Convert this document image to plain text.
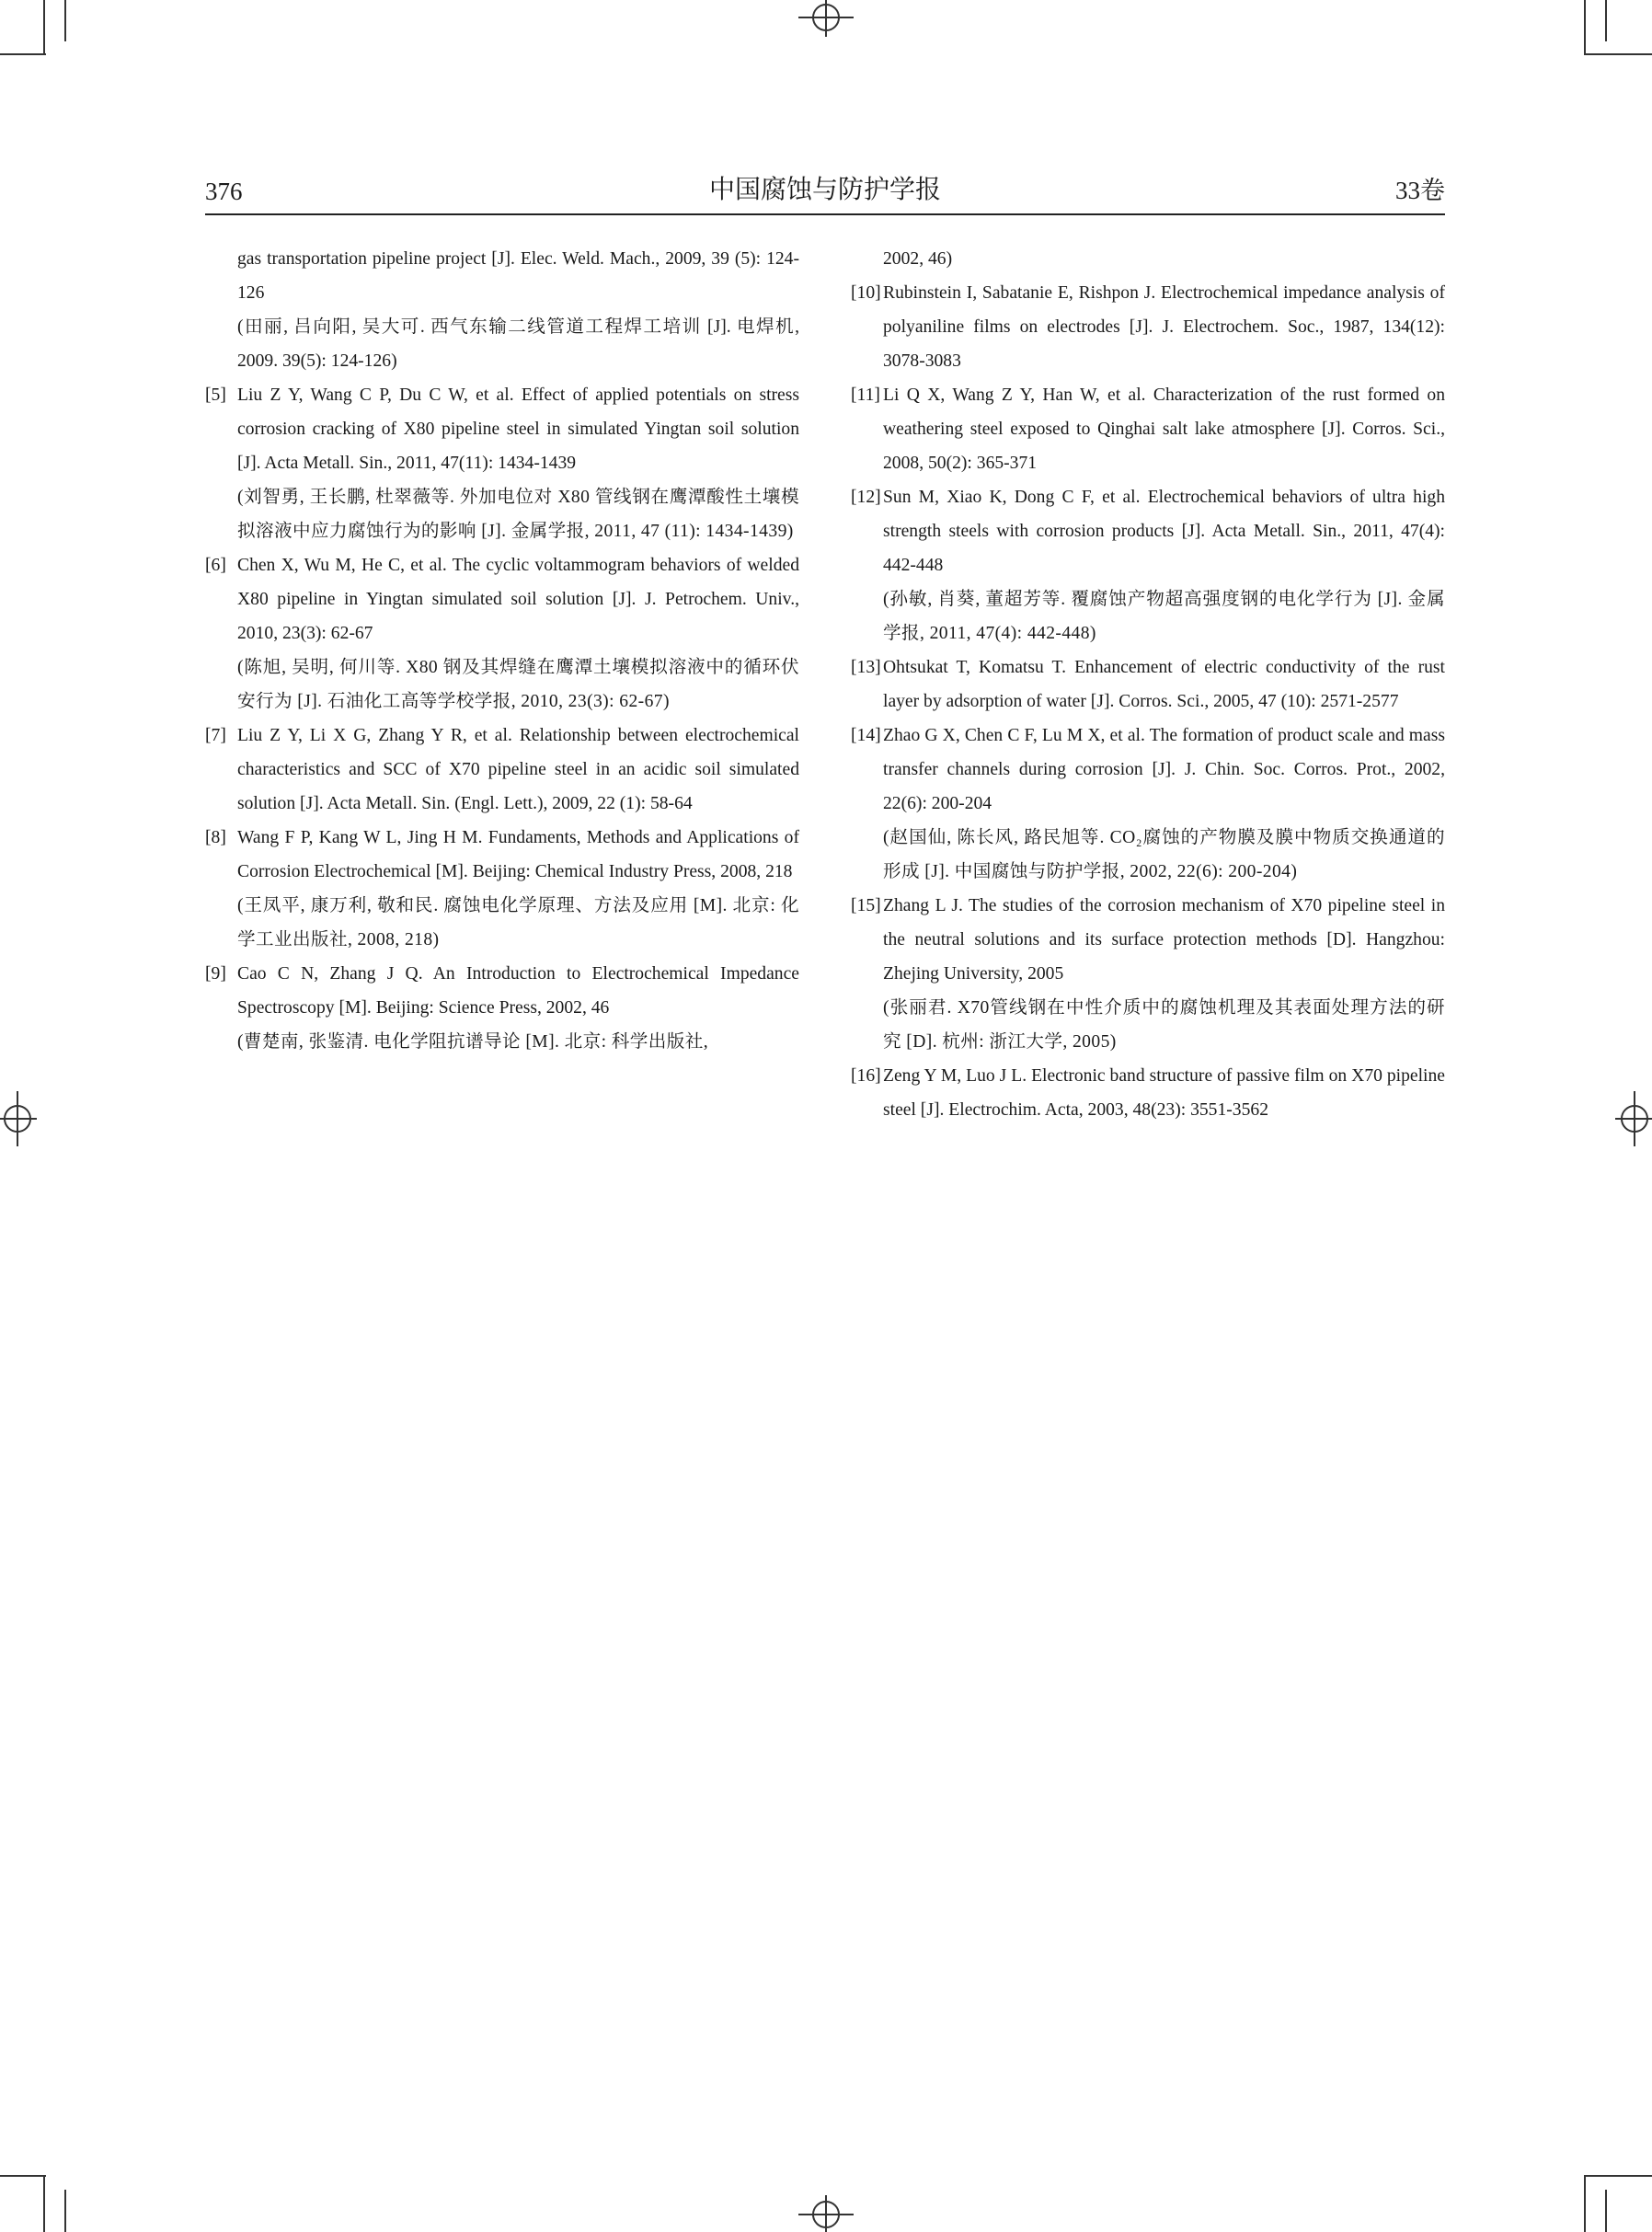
376	中国腐蚀与防护学报	33卷

gas transportation pipeline project [J]. Elec. Weld. Mach., 2009, 39 (5): 124-126

(田丽, 吕向阳, 吴大可. 西气东输二线管道工程焊工培训 [J]. 电焊机, 2009. 39(5): 124-126)

[5] Liu Z Y, Wang C P, Du C W, et al. Effect of applied potentials on stress corrosion cracking of X80 pipeline steel in simulated Yingtan soil solution [J]. Acta Metall. Sin., 2011, 47(11): 1434-1439

(刘智勇, 王长鹏, 杜翠薇等. 外加电位对 X80 管线钢在鹰潭酸性土壤模拟溶液中应力腐蚀行为的影响 [J]. 金属学报, 2011, 47 (11): 1434-1439)

[6] Chen X, Wu M, He C, et al. The cyclic voltammogram behaviors of welded X80 pipeline in Yingtan simulated soil solution [J]. J. Petrochem. Univ., 2010, 23(3): 62-67

(陈旭, 吴明, 何川等. X80 钢及其焊缝在鹰潭土壤模拟溶液中的循环伏安行为 [J]. 石油化工高等学校学报, 2010, 23(3): 62-67)

[7] Liu Z Y, Li X G, Zhang Y R, et al. Relationship between electrochemical characteristics and SCC of X70 pipeline steel in an acidic soil simulated solution [J]. Acta Metall. Sin. (Engl. Lett.), 2009, 22 (1): 58-64

[8] Wang F P, Kang W L, Jing H M. Fundaments, Methods and Applications of Corrosion Electrochemical [M]. Beijing: Chemical Industry Press, 2008, 218

(王凤平, 康万利, 敬和民. 腐蚀电化学原理、方法及应用 [M]. 北京: 化学工业出版社, 2008, 218)

[9] Cao C N, Zhang J Q. An Introduction to Electrochemical Impedance Spectroscopy [M]. Beijing: Science Press, 2002, 46

(曹楚南, 张鉴清. 电化学阻抗谱导论 [M]. 北京: 科学出版社,

2002, 46)

[10] Rubinstein I, Sabatanie E, Rishpon J. Electrochemical impedance analysis of polyaniline films on electrodes [J]. J. Electrochem. Soc., 1987, 134(12): 3078-3083

[11] Li Q X, Wang Z Y, Han W, et al. Characterization of the rust formed on weathering steel exposed to Qinghai salt lake atmosphere [J]. Corros. Sci., 2008, 50(2): 365-371

[12] Sun M, Xiao K, Dong C F, et al. Electrochemical behaviors of ultra high strength steels with corrosion products [J]. Acta Metall. Sin., 2011, 47(4): 442-448

(孙敏, 肖葵, 董超芳等. 覆腐蚀产物超高强度钢的电化学行为 [J]. 金属学报, 2011, 47(4): 442-448)

[13] Ohtsukat T, Komatsu T. Enhancement of electric conductivity of the rust layer by adsorption of water [J]. Corros. Sci., 2005, 47 (10): 2571-2577

[14] Zhao G X, Chen C F, Lu M X, et al. The formation of product scale and mass transfer channels during corrosion [J]. J. Chin. Soc. Corros. Prot., 2002, 22(6): 200-204

(赵国仙, 陈长风, 路民旭等. CO₂腐蚀的产物膜及膜中物质交换通道的形成 [J]. 中国腐蚀与防护学报, 2002, 22(6): 200-204)

[15] Zhang L J. The studies of the corrosion mechanism of X70 pipeline steel in the neutral solutions and its surface protection methods [D]. Hangzhou: Zhejing University, 2005

(张丽君. X70管线钢在中性介质中的腐蚀机理及其表面处理方法的研究 [D]. 杭州: 浙江大学, 2005)

[16] Zeng Y M, Luo J L. Electronic band structure of passive film on X70 pipeline steel [J]. Electrochim. Acta, 2003, 48(23): 3551-3562
